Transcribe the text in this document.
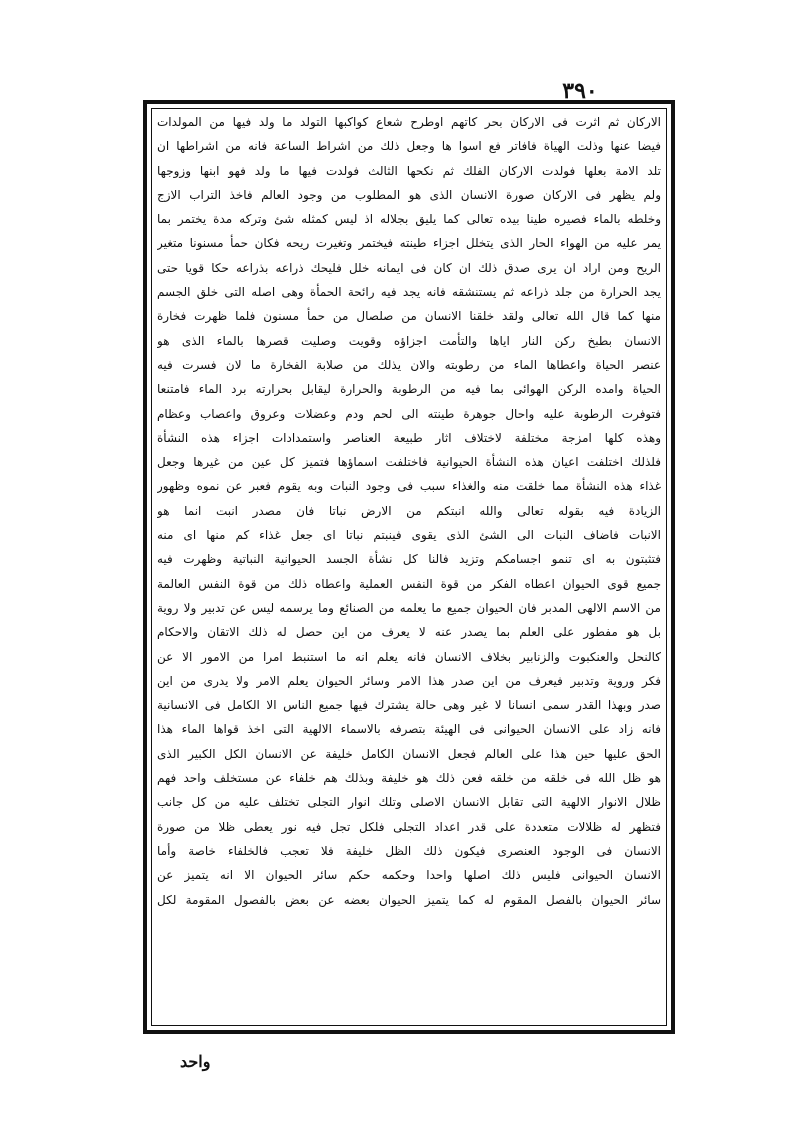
٣٩٠
الاركان ثم اثرت فى الاركان بحر كاتهم اوطرح شعاع كواكبها التولد ما ولد فيها من المولدات
فيضا عنها وذلت الهياة فافاتر فع اسوا ها وجعل ذلك من اشراط الساعة فانه من اشراطها ان
تلد الامة بعلها فولدت الاركان الفلك ثم نكحها الثالث فولدت فيها ما ولد فهو ابنها وزوجها
ولم يظهر فى الاركان صورة الانسان الذى هو المطلوب من وجود العالم فاخذ التراب الازج
وخلطه بالماء فصيره طينا بيده تعالى كما يليق بجلاله اذ ليس كمثله شئ وتركه مدة يختمر بما
يمر عليه من الهواء الحار الذى يتخلل اجزاء طينته فيختمر وتغيرت ريحه فكان حمأ مسنونا متغير
الريح ومن اراد ان يرى صدق ذلك ان كان فى ايمانه خلل فليحك ذراعه بذراعه حكا قويا حتى
يجد الحرارة من جلد ذراعه ثم يستنشقه فانه يجد فيه رائحة الحمأة وهى اصله التى خلق الجسم
منها كما قال الله تعالى ولقد خلقنا الانسان من صلصال من حمأ مسنون فلما ظهرت فخارة
الانسان بطبخ ركن النار اياها والتأمت اجزاؤه وقويت وصليت قصرها بالماء الذى هو
عنصر الحياة واعطاها الماء من رطوبته والان يذلك من صلابة الفخارة ما لان فسرت فيه
الحياة وامده الركن الهوائى بما فيه من الرطوبة والحرارة ليقابل بحرارته برد الماء فامتنعا
فتوفرت الرطوبة عليه واحال جوهرة طينته الى لحم ودم وعضلات وعروق واعصاب وعظام
وهذه كلها امزجة مختلفة لاختلاف اثار طبيعة العناصر واستمدادات اجزاء هذه النشأة
فلذلك اختلفت اعيان هذه النشأة الحيوانية فاختلفت اسماؤها فتميز كل عين من غيرها وجعل
غذاء هذه النشأة مما خلقت منه والغذاء سبب فى وجود النبات وبه يقوم فعبر عن نموه وظهور
الزيادة فيه بقوله تعالى والله انبتكم من الارض نباتا فان مصدر انبت انما هو
الانبات فاضاف النبات الى الشئ الذى يقوى فينبتم نباتا اى جعل غذاء كم منها اى منه
فتثبتون به اى تنمو اجسامكم وتزيد فالنا كل نشأة الجسد الحيوانية النباتية وظهرت فيه
جميع قوى الحيوان اعطاه الفكر من قوة النفس العملية واعطاه ذلك من قوة النفس العالمة
من الاسم الالهى المدبر فان الحيوان جميع ما يعلمه من الصنائع وما يرسمه ليس عن تدبير ولا روية
بل هو مفطور على العلم بما يصدر عنه لا يعرف من اين حصل له ذلك الاتقان والاحكام
كالنحل والعنكبوت والزنابير بخلاف الانسان فانه يعلم انه ما استنبط امرا من الامور الا عن
فكر وروية وتدبير فيعرف من اين صدر هذا الامر وسائر الحيوان يعلم الامر ولا يدرى من اين
صدر وبهذا القدر سمى انسانا لا غير وهى حالة يشترك فيها جميع الناس الا الكامل فى الانسانية
فانه زاد على الانسان الحيوانى فى الهيئة بتصرفه بالاسماء الالهية التى اخذ قواها الماء هذا
الحق عليها حين هذا على العالم فجعل الانسان الكامل خليفة عن الانسان الكل الكبير الذى
هو ظل الله فى خلقه من خلقه فعن ذلك هو خليفة وبذلك هم خلفاء عن مستخلف واحد فهم
ظلال الانوار الالهية التى تقابل الانسان الاصلى وتلك انوار التجلى تختلف عليه من كل جانب
فتظهر له ظلالات متعددة على قدر اعداد التجلى فلكل تجل فيه نور يعطى ظلا من صورة
الانسان فى الوجود العنصرى فيكون ذلك الظل خليفة فلا تعجب فالخلفاء خاصة وأما
الانسان الحيوانى فليس ذلك اصلها واحدا وحكمه حكم سائر الحيوان الا انه يتميز عن
سائر الحيوان بالفصل المقوم له كما يتميز الحيوان بعضه عن بعض بالفصول المقومة لكل
واحد
